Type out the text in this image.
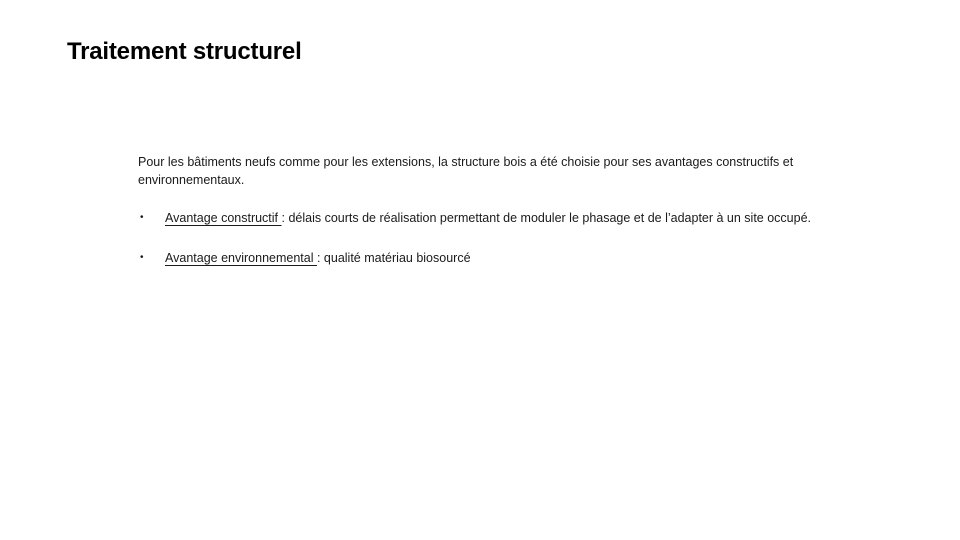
Traitement structurel

Pour les bâtiments neufs comme pour les extensions, la structure bois a été choisie pour ses avantages constructifs et environnementaux.

• Avantage constructif : délais courts de réalisation permettant de moduler le phasage et de l’adapter à un site occupé.
• Avantage environnemental : qualité matériau biosourcé
